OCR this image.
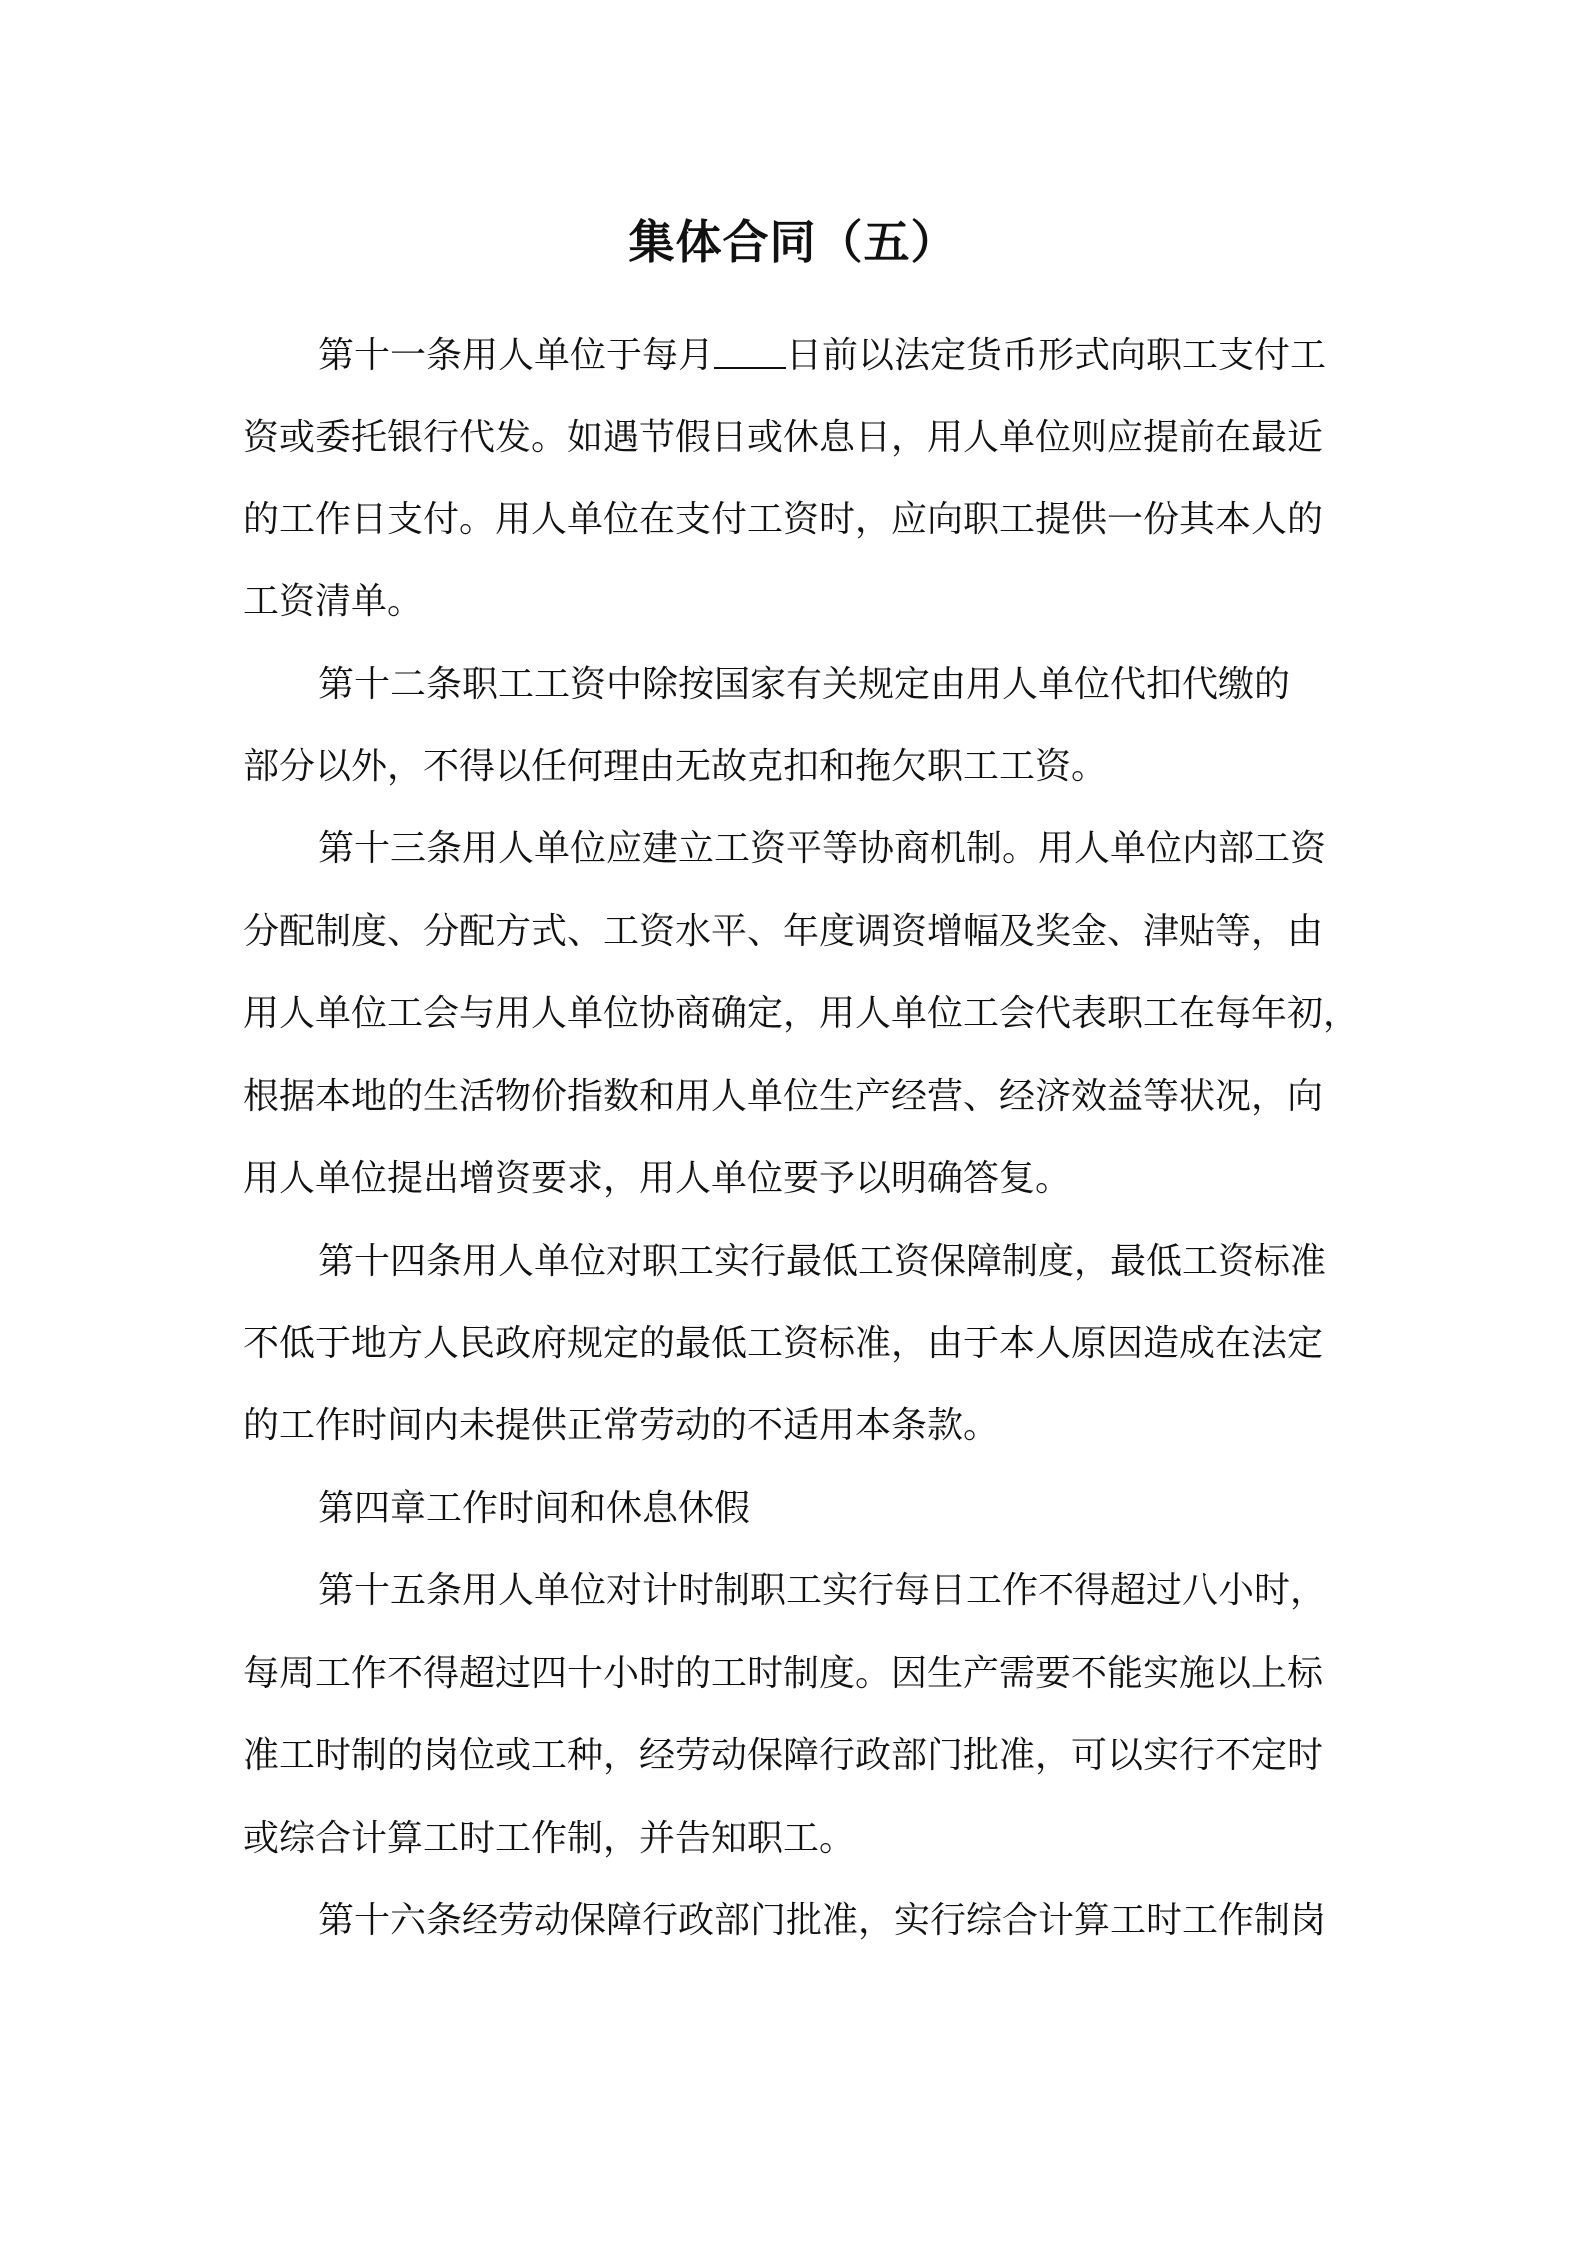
集体合同（五）
第十一条用人单位于每月 日前以法定货币形式向职工支付工
资或委托银行代发。如遇节假日或休息日，用人单位则应提前在最近
的工作日支付。用人单位在支付工资时，应向职工提供一份其本人的
工资清单。
第十二条职工工资中除按国家有关规定由用人单位代扣代缴的
部分以外，不得以任何理由无故克扣和拖欠职工工资。
第十三条用人单位应建立工资平等协商机制。用人单位内部工资
分配制度、分配方式、工资水平、年度调资增幅及奖金、津贴等，由
用人单位工会与用人单位协商确定，用人单位工会代表职工在每年初，
根据本地的生活物价指数和用人单位生产经营、经济效益等状况，向
用人单位提出增资要求，用人单位要予以明确答复。
第十四条用人单位对职工实行最低工资保障制度，最低工资标准
不低于地方人民政府规定的最低工资标准，由于本人原因造成在法定
的工作时间内未提供正常劳动的不适用本条款。
第四章工作时间和休息休假
第十五条用人单位对计时制职工实行每日工作不得超过八小时，
每周工作不得超过四十小时的工时制度。因生产需要不能实施以上标
准工时制的岗位或工种，经劳动保障行政部门批准，可以实行不定时
或综合计算工时工作制，并告知职工。
第十六条经劳动保障行政部门批准，实行综合计算工时工作制岗
